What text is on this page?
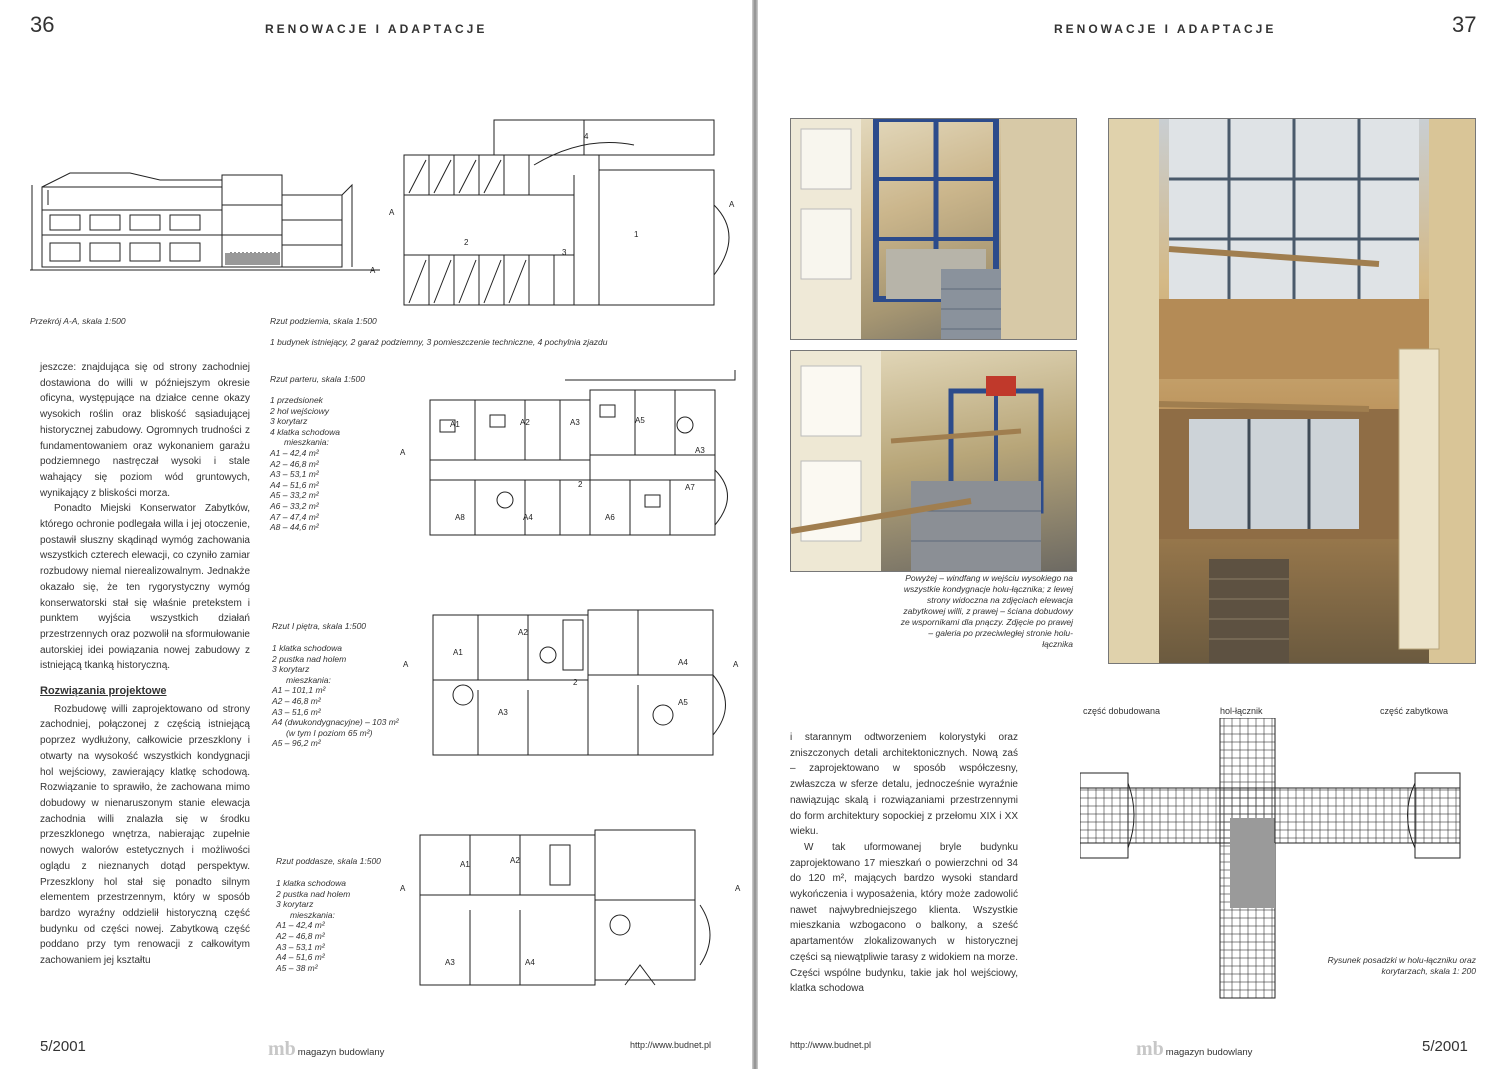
36	RENOWACJE I ADAPTACJE
A
Przekrój A-A, skala 1:500
A
A
1
2
4
3
Rzut podziemia, skala 1:500
1 budynek istniejący, 2 garaż podziemny, 3 pomieszczenie techniczne, 4 pochylnia zjazdu
Rzut parteru, skala 1:500
1 przedsionek
2 hol wejściowy
3 korytarz
4 klatka schodowa
mieszkania:
A1 – 42,4 m²
A2 – 46,8 m²
A3 – 53,1 m²
A4 – 51,6 m²
A5 – 33,2 m²
A6 – 33,2 m²
A7 – 47,4 m²
A8 – 44,6 m²
A
A1	A2	A3	A5
A3
A8	A4	A6
A7
2
Rzut I piętra, skala 1:500
1 klatka schodowa
2 pustka nad holem
3 korytarz
mieszkania:
A1 – 101,1 m²
A2 – 46,8 m²
A3 – 51,6 m²
A4 (dwukondygnacyjne) – 103 m²
(w tym I poziom 65 m²)
A5 – 96,2 m²
A	A
A1
A2
A4
A5
A3
2
Rzut poddasze, skala 1:500
1 klatka schodowa
2 pustka nad holem
3 korytarz
mieszkania:
A1 – 42,4 m²
A2 – 46,8 m²
A3 – 53,1 m²
A4 – 51,6 m²
A5 – 38 m²
A	A
A1	A2
A3	A4
jeszcze: znajdująca się od strony zachodniej dostawiona do willi w późniejszym okresie oficyna, występujące na działce cenne okazy wysokich roślin oraz bliskość sąsiadującej historycznej zabudowy. Ogromnych trudności z fundamentowaniem oraz wykonaniem garażu podziemnego nastręczał wysoki i stale wahający się poziom wód gruntowych, wynikający z bliskości morza.
Ponadto Miejski Konserwator Zabytków, którego ochronie podlegała willa i jej otoczenie, postawił słuszny skądinąd wymóg zachowania wszystkich czterech elewacji, co czyniło zamiar rozbudowy niemal nierealizowalnym. Jednakże okazało się, że ten rygorystyczny wymóg konserwatorski stał się właśnie pretekstem i punktem wyjścia wszystkich działań przestrzennych oraz pozwolił na sformułowanie autorskiej idei powiązania nowej zabudowy z istniejącą tkanką historyczną.
Rozwiązania projektowe
Rozbudowę willi zaprojektowano od strony zachodniej, połączonej z częścią istniejącą poprzez wydłużony, całkowicie przeszklony i otwarty na wysokość wszystkich kondygnacji hol wejściowy, zawierający klatkę schodową. Rozwiązanie to sprawiło, że zachowana mimo dobudowy w nienaruszonym stanie elewacja zachodnia willi znalazła się w środku przeszklonego wnętrza, nabierając zupełnie nowych walorów estetycznych i możliwości oglądu z nieznanych dotąd perspektyw. Przeszklony hol stał się ponadto silnym elementem przestrzennym, który w sposób bardzo wyraźny oddzielił historyczną część budynku od części nowej. Zabytkową część poddano przy tym renowacji z całkowitym zachowaniem jej kształtu
5/2001	mb magazyn budowlany
http://www.budnet.pl
RENOWACJE I ADAPTACJE	37
Powyżej – windfang w wejściu wysokiego na wszystkie kondygnacje holu-łącznika; z lewej strony widoczna na zdjęciach elewacja zabytkowej willi, z prawej – ściana dobudowy ze wspornikami dla pnączy. Zdjęcie po prawej – galeria po przeciwległej stronie holu-łącznika
i starannym odtworzeniem kolorystyki oraz zniszczonych detali architektonicznych. Nową zaś – zaprojektowano w sposób współczesny, zwłaszcza w sferze detalu, jednocześnie wyraźnie nawiązując skalą i rozwiązaniami przestrzennymi do form architektury sopockiej z przełomu XIX i XX wieku.
W tak uformowanej bryle budynku zaprojektowano 17 mieszkań o powierzchni od 34 do 120 m², mających bardzo wysoki standard wykończenia i wyposażenia, który może zadowolić nawet najwybredniejszego klienta. Wszystkie mieszkania wzbogacono o balkony, a sześć apartamentów zlokalizowanych w historycznej części są niewątpliwie tarasy z widokiem na morze. Części wspólne budynku, takie jak hol wejściowy, klatka schodowa
część dobudowana	hol-łącznik	część zabytkowa
Rysunek posadzki w holu-łączniku oraz korytarzach, skala 1: 200
http://www.budnet.pl	mb magazyn budowlany	5/2001
